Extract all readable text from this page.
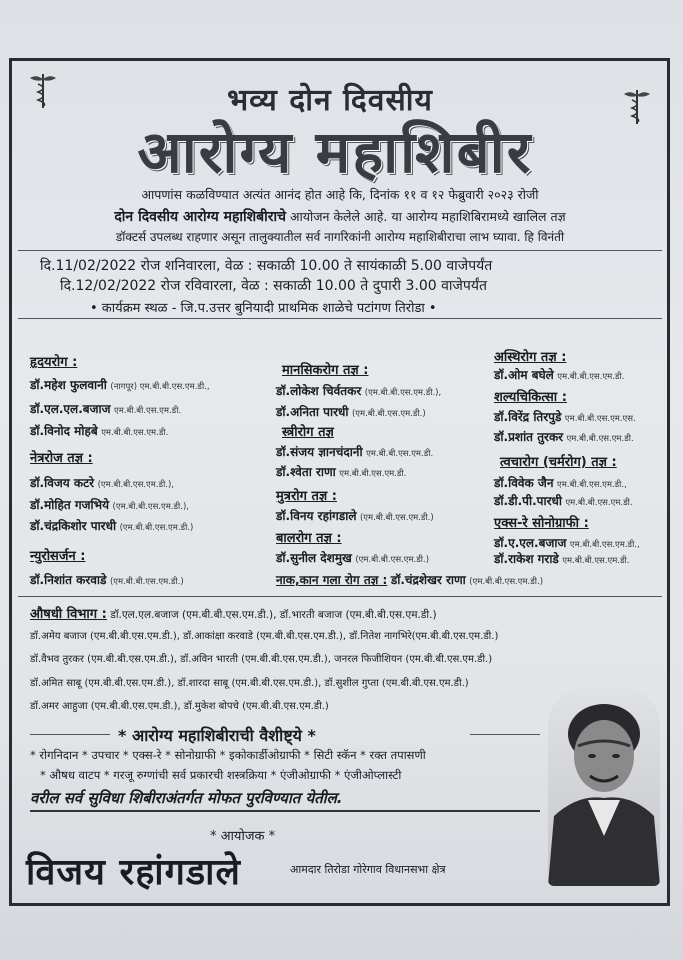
भव्य दोन दिवसीय
आरोग्य महाशिबीर
आपणांस कळविण्यात अत्यंत आनंद होत आहे कि, दिनांक ११ व १२ फेब्रुवारी २०२३ रोजी
दोन दिवसीय आरोग्य महाशिबीराचे आयोजन केलेले आहे. या आरोग्य महाशिबिरामध्ये खालिल तज्ञ
डॉक्टर्स उपलब्ध राहणार असून तालुक्यातील सर्व नागरिकांनी आरोग्य महाशिबीराचा लाभ घ्यावा. हि विनंती
दि.11/02/2022 रोज शनिवारला, वेळ : सकाळी 10.00 ते सायंकाळी 5.00 वाजेपर्यंत
दि.12/02/2022 रोज रविवारला, वेळ : सकाळी 10.00 ते दुपारी 3.00 वाजेपर्यंत
• कार्यक्रम स्थळ - जि.प.उत्तर बुनियादी प्राथमिक शाळेचे पटांगण तिरोडा •
हृदयरोग :
डॉ.महेश फुलवानी (नागपूर) एम.बी.बी.एस.एम.डी.,
डॉ.एल.एल.बजाज एम.बी.बी.एस.एम.डी.
डॉ.विनोद मोहबे एम.बी.बी.एस.एम.डी.
नेत्ररोज तज्ञ :
डॉ.विजय कटरे (एम.बी.बी.एस.एम.डी.),
डॉ.मोहित गजभिये (एम.बी.बी.एस.एम.डी.),
डॉ.चंद्रकिशोर पारधी (एम.बी.बी.एस.एम.डी.)
न्युरोसर्जन :
डॉ.निशांत करवाडे (एम.बी.बी.एस.एम.डी.)
मानसिकरोग तज्ञ :
डॉ.लोकेश चिर्वतकर (एम.बी.बी.एस.एम.डी.),
डॉ.अनिता पारधी (एम.बी.बी.एस.एम.डी.)
स्त्रीरोग तज्ञ
डॉ.संजय ज्ञानचंदानी एम.बी.बी.एस.एम.डी.
डॉ.श्वेता राणा एम.बी.बी.एस.एम.डी.
मुत्ररोग तज्ञ :
डॉ.विनय रहांगडाले (एम.बी.बी.एस.एम.डी.)
बालरोग तज्ञ :
डॉ.सुनील देशमुख (एम.बी.बी.एस.एम.डी.)
नाक,कान गला रोग तज्ञ : डॉ.चंद्रशेखर राणा (एम.बी.बी.एस.एम.डी.)
अस्थिरोग तज्ञ :
डॉ.ओम बघेले एम.बी.बी.एस.एम.डी.
शल्यचिकित्सा :
डॉ.विरेंद्र तिरपुडे एम.बी.बी.एस.एम.एस.
डॉ.प्रशांत तुरकर एम.बी.बी.एस.एम.डी.
त्वचारोग (चर्मरोग) तज्ञ :
डॉ.विवेक जैन एम.बी.बी.एस.एम.डी.,
डॉ.डी.पी.पारधी एम.बी.बी.एस.एम.डी.
एक्स-रे सोनोग्राफी :
डॉ.ए.एल.बजाज एम.बी.बी.एस.एम.डी.,
डॉ.राकेश गराडे एम.बी.बी.एस.एम.डी.
औषधी विभाग : डॉ.एल.एल.बजाज (एम.बी.बी.एस.एम.डी.), डॉ.भारती बजाज (एम.बी.बी.एस.एम.डी.)
डॉ.अमेय बजाज (एम.बी.बी.एस.एम.डी.), डॉ.आकांक्षा करवाडे (एम.बी.बी.एस.एम.डी.), डॉ.नितेश नागभिरे(एम.बी.बी.एस.एम.डी.)
डॉ.वैभव तुरकर (एम.बी.बी.एस.एम.डी.), डॉ.अविन भारती (एम.बी.बी.एस.एम.डी.), जनरल फिजीशियन (एम.बी.बी.एस.एम.डी.)
डॉ.अमित साबू (एम.बी.बी.एस.एम.डी.), डॉ.शारदा साबू (एम.बी.बी.एस.एम.डी.), डॉ.सुशील गुप्ता (एम.बी.बी.एस.एम.डी.)
डॉ.अमर आहुजा (एम.बी.बी.एस.एम.डी.), डॉ.मुकेश बोपचे (एम.बी.बी.एस.एम.डी.)
* आरोग्य महाशिबीराची वैशीष्ट्ये *
* रोगनिदान * उपचार * एक्स-रे * सोनोग्राफी * इकोकार्डीओग्राफी * सिटी स्कॅन * रक्त तपासणी
* औषध वाटप * गरजू रुग्णांची सर्व प्रकारची शस्त्रक्रिया * एंजीओग्राफी * एंजीओप्लास्टी
वरील सर्व सुविधा शिबीराअंतर्गत मोफत पुरविण्यात येतील.
* आयोजक *
विजय रहांगडाले	आमदार तिरोडा गोरेगाव विधानसभा क्षेत्र
